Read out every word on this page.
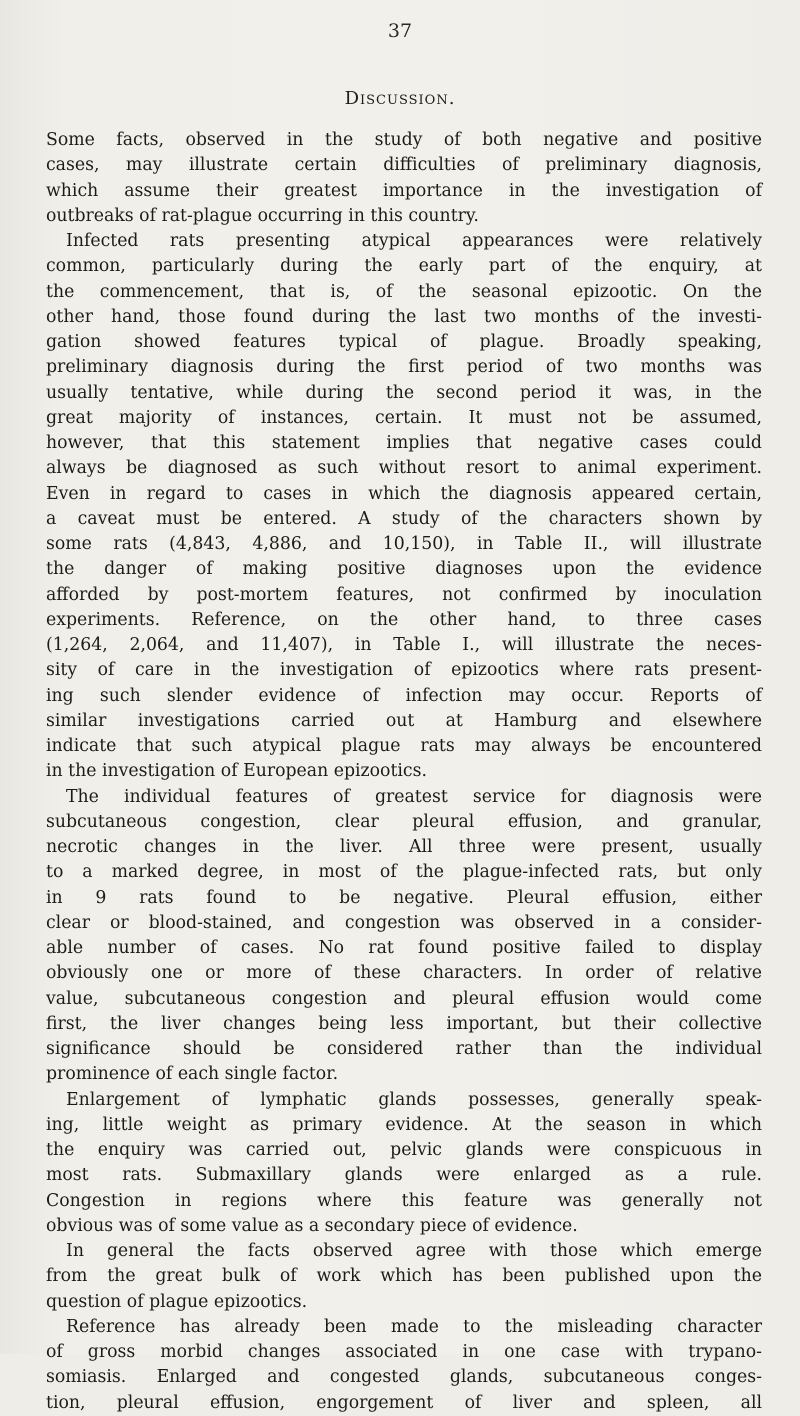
37
Discussion.
Some facts, observed in the study of both negative and positive
cases, may illustrate certain difficulties of preliminary diagnosis,
which assume their greatest importance in the investigation of
outbreaks of rat-plague occurring in this country.
Infected rats presenting atypical appearances were relatively
common, particularly during the early part of the enquiry, at
the commencement, that is, of the seasonal epizootic. On the
other hand, those found during the last two months of the investi-
gation showed features typical of plague. Broadly speaking,
preliminary diagnosis during the first period of two months was
usually tentative, while during the second period it was, in the
great majority of instances, certain. It must not be assumed,
however, that this statement implies that negative cases could
always be diagnosed as such without resort to animal experiment.
Even in regard to cases in which the diagnosis appeared certain,
a caveat must be entered. A study of the characters shown by
some rats (4,843, 4,886, and 10,150), in Table II., will illustrate
the danger of making positive diagnoses upon the evidence
afforded by post-mortem features, not confirmed by inoculation
experiments. Reference, on the other hand, to three cases
(1,264, 2,064, and 11,407), in Table I., will illustrate the neces-
sity of care in the investigation of epizootics where rats present-
ing such slender evidence of infection may occur. Reports of
similar investigations carried out at Hamburg and elsewhere
indicate that such atypical plague rats may always be encountered
in the investigation of European epizootics.
The individual features of greatest service for diagnosis were
subcutaneous congestion, clear pleural effusion, and granular,
necrotic changes in the liver. All three were present, usually
to a marked degree, in most of the plague-infected rats, but only
in 9 rats found to be negative. Pleural effusion, either
clear or blood-stained, and congestion was observed in a consider-
able number of cases. No rat found positive failed to display
obviously one or more of these characters. In order of relative
value, subcutaneous congestion and pleural effusion would come
first, the liver changes being less important, but their collective
significance should be considered rather than the individual
prominence of each single factor.
Enlargement of lymphatic glands possesses, generally speak-
ing, little weight as primary evidence. At the season in which
the enquiry was carried out, pelvic glands were conspicuous in
most rats. Submaxillary glands were enlarged as a rule.
Congestion in regions where this feature was generally not
obvious was of some value as a secondary piece of evidence.
In general the facts observed agree with those which emerge
from the great bulk of work which has been published upon the
question of plague epizootics.
Reference has already been made to the misleading character
of gross morbid changes associated in one case with trypano-
somiasis. Enlarged and congested glands, subcutaneous conges-
tion, pleural effusion, engorgement of liver and spleen, all
